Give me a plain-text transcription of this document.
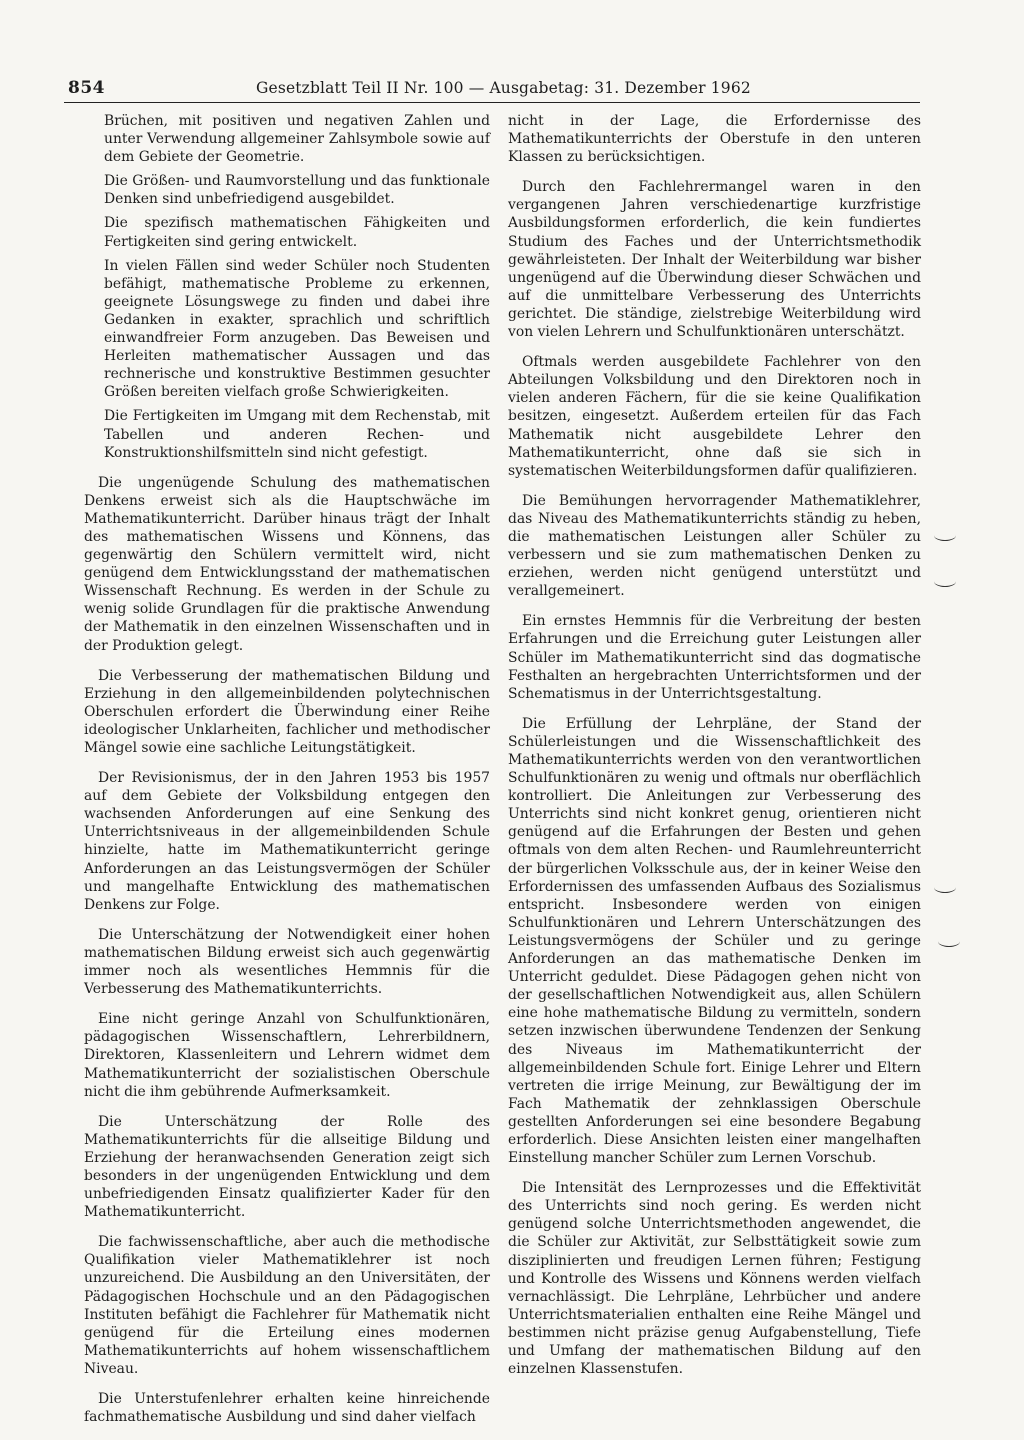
854	Gesetzblatt Teil II Nr. 100 — Ausgabetag: 31. Dezember 1962

Brüchen, mit positiven und negativen Zahlen und unter Verwendung allgemeiner Zahlsymbole sowie auf dem Gebiete der Geometrie.

Die Größen- und Raumvorstellung und das funktionale Denken sind unbefriedigend ausgebildet.

Die spezifisch mathematischen Fähigkeiten und Fertigkeiten sind gering entwickelt.

In vielen Fällen sind weder Schüler noch Studenten befähigt, mathematische Probleme zu erkennen, geeignete Lösungswege zu finden und dabei ihre Gedanken in exakter, sprachlich und schriftlich einwandfreier Form anzugeben. Das Beweisen und Herleiten mathematischer Aussagen und das rechnerische und konstruktive Bestimmen gesuchter Größen bereiten vielfach große Schwierigkeiten.

Die Fertigkeiten im Umgang mit dem Rechenstab, mit Tabellen und anderen Rechen- und Konstruktionshilfsmitteln sind nicht gefestigt.

Die ungenügende Schulung des mathematischen Denkens erweist sich als die Hauptschwäche im Mathematikunterricht. Darüber hinaus trägt der Inhalt des mathematischen Wissens und Könnens, das gegenwärtig den Schülern vermittelt wird, nicht genügend dem Entwicklungsstand der mathematischen Wissenschaft Rechnung. Es werden in der Schule zu wenig solide Grundlagen für die praktische Anwendung der Mathematik in den einzelnen Wissenschaften und in der Produktion gelegt.

Die Verbesserung der mathematischen Bildung und Erziehung in den allgemeinbildenden polytechnischen Oberschulen erfordert die Überwindung einer Reihe ideologischer Unklarheiten, fachlicher und methodischer Mängel sowie eine sachliche Leitungstätigkeit.

Der Revisionismus, der in den Jahren 1953 bis 1957 auf dem Gebiete der Volksbildung entgegen den wachsenden Anforderungen auf eine Senkung des Unterrichtsniveaus in der allgemeinbildenden Schule hinzielte, hatte im Mathematikunterricht geringe Anforderungen an das Leistungsvermögen der Schüler und mangelhafte Entwicklung des mathematischen Denkens zur Folge.

Die Unterschätzung der Notwendigkeit einer hohen mathematischen Bildung erweist sich auch gegenwärtig immer noch als wesentliches Hemmnis für die Verbesserung des Mathematikunterrichts.

Eine nicht geringe Anzahl von Schulfunktionären, pädagogischen Wissenschaftlern, Lehrerbildnern, Direktoren, Klassenleitern und Lehrern widmet dem Mathematikunterricht der sozialistischen Oberschule nicht die ihm gebührende Aufmerksamkeit.

Die Unterschätzung der Rolle des Mathematikunterrichts für die allseitige Bildung und Erziehung der heranwachsenden Generation zeigt sich besonders in der ungenügenden Entwicklung und dem unbefriedigenden Einsatz qualifizierter Kader für den Mathematikunterricht.

Die fachwissenschaftliche, aber auch die methodische Qualifikation vieler Mathematiklehrer ist noch unzureichend. Die Ausbildung an den Universitäten, der Pädagogischen Hochschule und an den Pädagogischen Instituten befähigt die Fachlehrer für Mathematik nicht genügend für die Erteilung eines modernen Mathematikunterrichts auf hohem wissenschaftlichem Niveau.

Die Unterstufenlehrer erhalten keine hinreichende fachmathematische Ausbildung und sind daher vielfach

nicht in der Lage, die Erfordernisse des Mathematikunterrichts der Oberstufe in den unteren Klassen zu berücksichtigen.

Durch den Fachlehrermangel waren in den vergangenen Jahren verschiedenartige kurzfristige Ausbildungsformen erforderlich, die kein fundiertes Studium des Faches und der Unterrichtsmethodik gewährleisteten. Der Inhalt der Weiterbildung war bisher ungenügend auf die Überwindung dieser Schwächen und auf die unmittelbare Verbesserung des Unterrichts gerichtet. Die ständige, zielstrebige Weiterbildung wird von vielen Lehrern und Schulfunktionären unterschätzt.

Oftmals werden ausgebildete Fachlehrer von den Abteilungen Volksbildung und den Direktoren noch in vielen anderen Fächern, für die sie keine Qualifikation besitzen, eingesetzt. Außerdem erteilen für das Fach Mathematik nicht ausgebildete Lehrer den Mathematikunterricht, ohne daß sie sich in systematischen Weiterbildungsformen dafür qualifizieren.

Die Bemühungen hervorragender Mathematiklehrer, das Niveau des Mathematikunterrichts ständig zu heben, die mathematischen Leistungen aller Schüler zu verbessern und sie zum mathematischen Denken zu erziehen, werden nicht genügend unterstützt und verallgemeinert.

Ein ernstes Hemmnis für die Verbreitung der besten Erfahrungen und die Erreichung guter Leistungen aller Schüler im Mathematikunterricht sind das dogmatische Festhalten an hergebrachten Unterrichtsformen und der Schematismus in der Unterrichtsgestaltung.

Die Erfüllung der Lehrpläne, der Stand der Schülerleistungen und die Wissenschaftlichkeit des Mathematikunterrichts werden von den verantwortlichen Schulfunktionären zu wenig und oftmals nur oberflächlich kontrolliert. Die Anleitungen zur Verbesserung des Unterrichts sind nicht konkret genug, orientieren nicht genügend auf die Erfahrungen der Besten und gehen oftmals von dem alten Rechen- und Raumlehreunterricht der bürgerlichen Volksschule aus, der in keiner Weise den Erfordernissen des umfassenden Aufbaus des Sozialismus entspricht. Insbesondere werden von einigen Schulfunktionären und Lehrern Unterschätzungen des Leistungsvermögens der Schüler und zu geringe Anforderungen an das mathematische Denken im Unterricht geduldet. Diese Pädagogen gehen nicht von der gesellschaftlichen Notwendigkeit aus, allen Schülern eine hohe mathematische Bildung zu vermitteln, sondern setzen inzwischen überwundene Tendenzen der Senkung des Niveaus im Mathematikunterricht der allgemeinbildenden Schule fort. Einige Lehrer und Eltern vertreten die irrige Meinung, zur Bewältigung der im Fach Mathematik der zehnklassigen Oberschule gestellten Anforderungen sei eine besondere Begabung erforderlich. Diese Ansichten leisten einer mangelhaften Einstellung mancher Schüler zum Lernen Vorschub.

Die Intensität des Lernprozesses und die Effektivität des Unterrichts sind noch gering. Es werden nicht genügend solche Unterrichtsmethoden angewendet, die die Schüler zur Aktivität, zur Selbsttätigkeit sowie zum disziplinierten und freudigen Lernen führen; Festigung und Kontrolle des Wissens und Könnens werden vielfach vernachlässigt. Die Lehrpläne, Lehrbücher und andere Unterrichtsmaterialien enthalten eine Reihe Mängel und bestimmen nicht präzise genug Aufgabenstellung, Tiefe und Umfang der mathematischen Bildung auf den einzelnen Klassenstufen.
